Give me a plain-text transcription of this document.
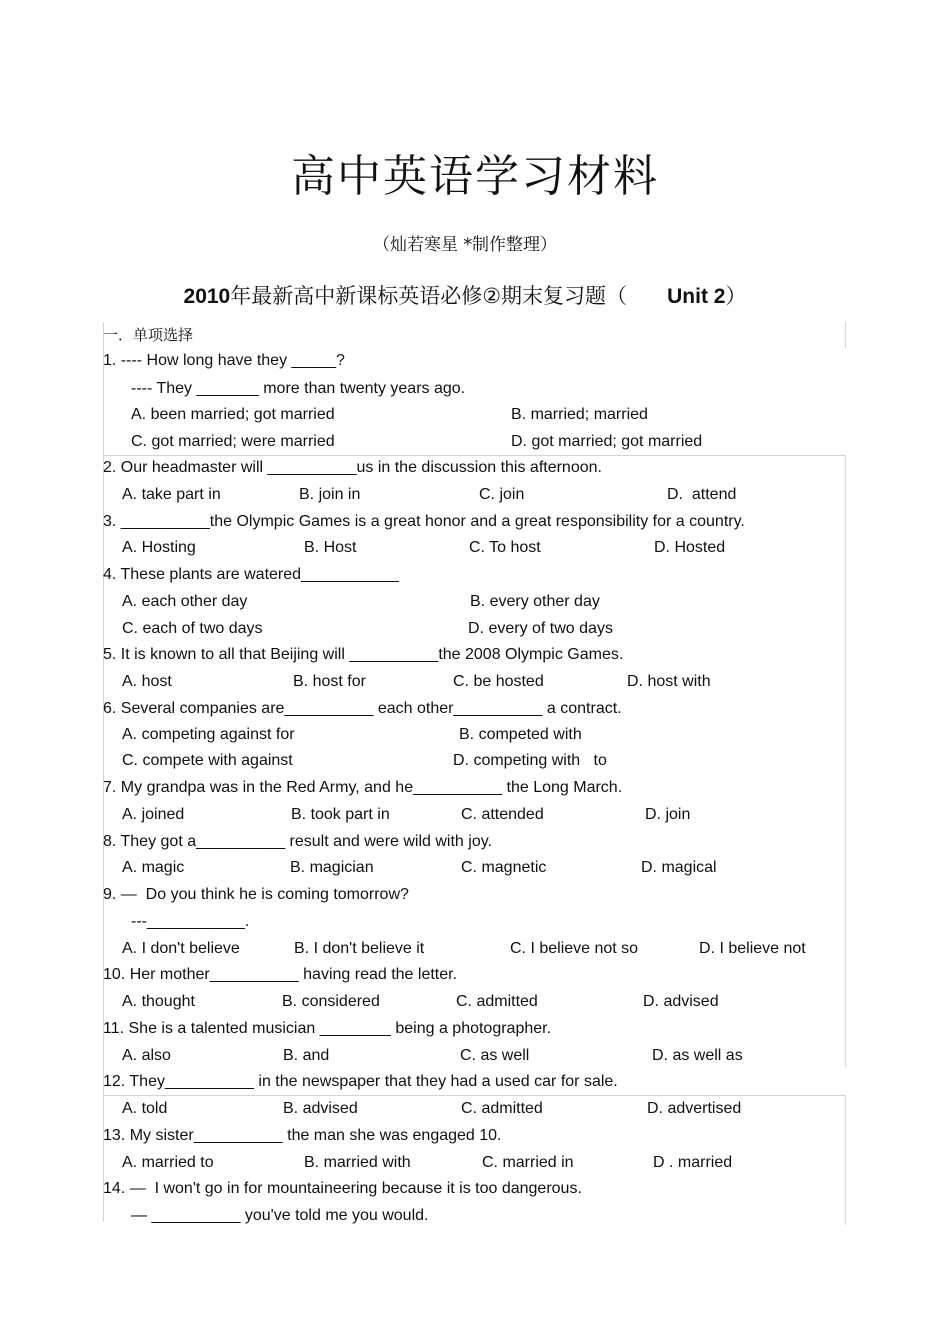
高中英语学习材料
（灿若寒星 *制作整理）
2010年最新高中新课标英语必修②期末复习题（ Unit 2）
一．单项选择
1. ---- How long have they _____?
---- They _______ more than twenty years ago.
A. been married; got married	B. married; married
C. got married; were married	D. got married; got married
2. Our headmaster will __________us in the discussion this afternoon.
A. take part in	B. join in	C. join	D.  attend
3. __________the Olympic Games is a great honor and a great responsibility for a country.
A. Hosting	B. Host	C. To host	D. Hosted
4. These plants are watered___________
A. each other day	B. every other day
C. each of two days	D. every of two days
5. It is known to all that Beijing will __________the 2008 Olympic Games.
A. host	B. host for	C. be hosted	D. host with
6. Several companies are__________ each other__________ a contract.
A. competing against for	B. competed with
C. compete with against	D. competing with   to
7. My grandpa was in the Red Army, and he__________ the Long March.
A. joined	B. took part in	C. attended	D. join
8. They got a__________ result and were wild with joy.
A. magic	B. magician	C. magnetic	D. magical
9. —  Do you think he is coming tomorrow?
---___________.
A. I don't believe	B. I don't believe it	C. I believe not so	D. I believe not
10. Her mother__________ having read the letter.
A. thought	B. considered	C. admitted	D. advised
11. She is a talented musician ________ being a photographer.
A. also	B. and	C. as well	D. as well as
12. They__________ in the newspaper that they had a used car for sale.
A. told	B. advised	C. admitted	D. advertised
13. My sister__________ the man she was engaged 10.
A. married to	B. married with	C. married in	D . married
14. —  I won't go in for mountaineering because it is too dangerous.
— __________ you've told me you would.
